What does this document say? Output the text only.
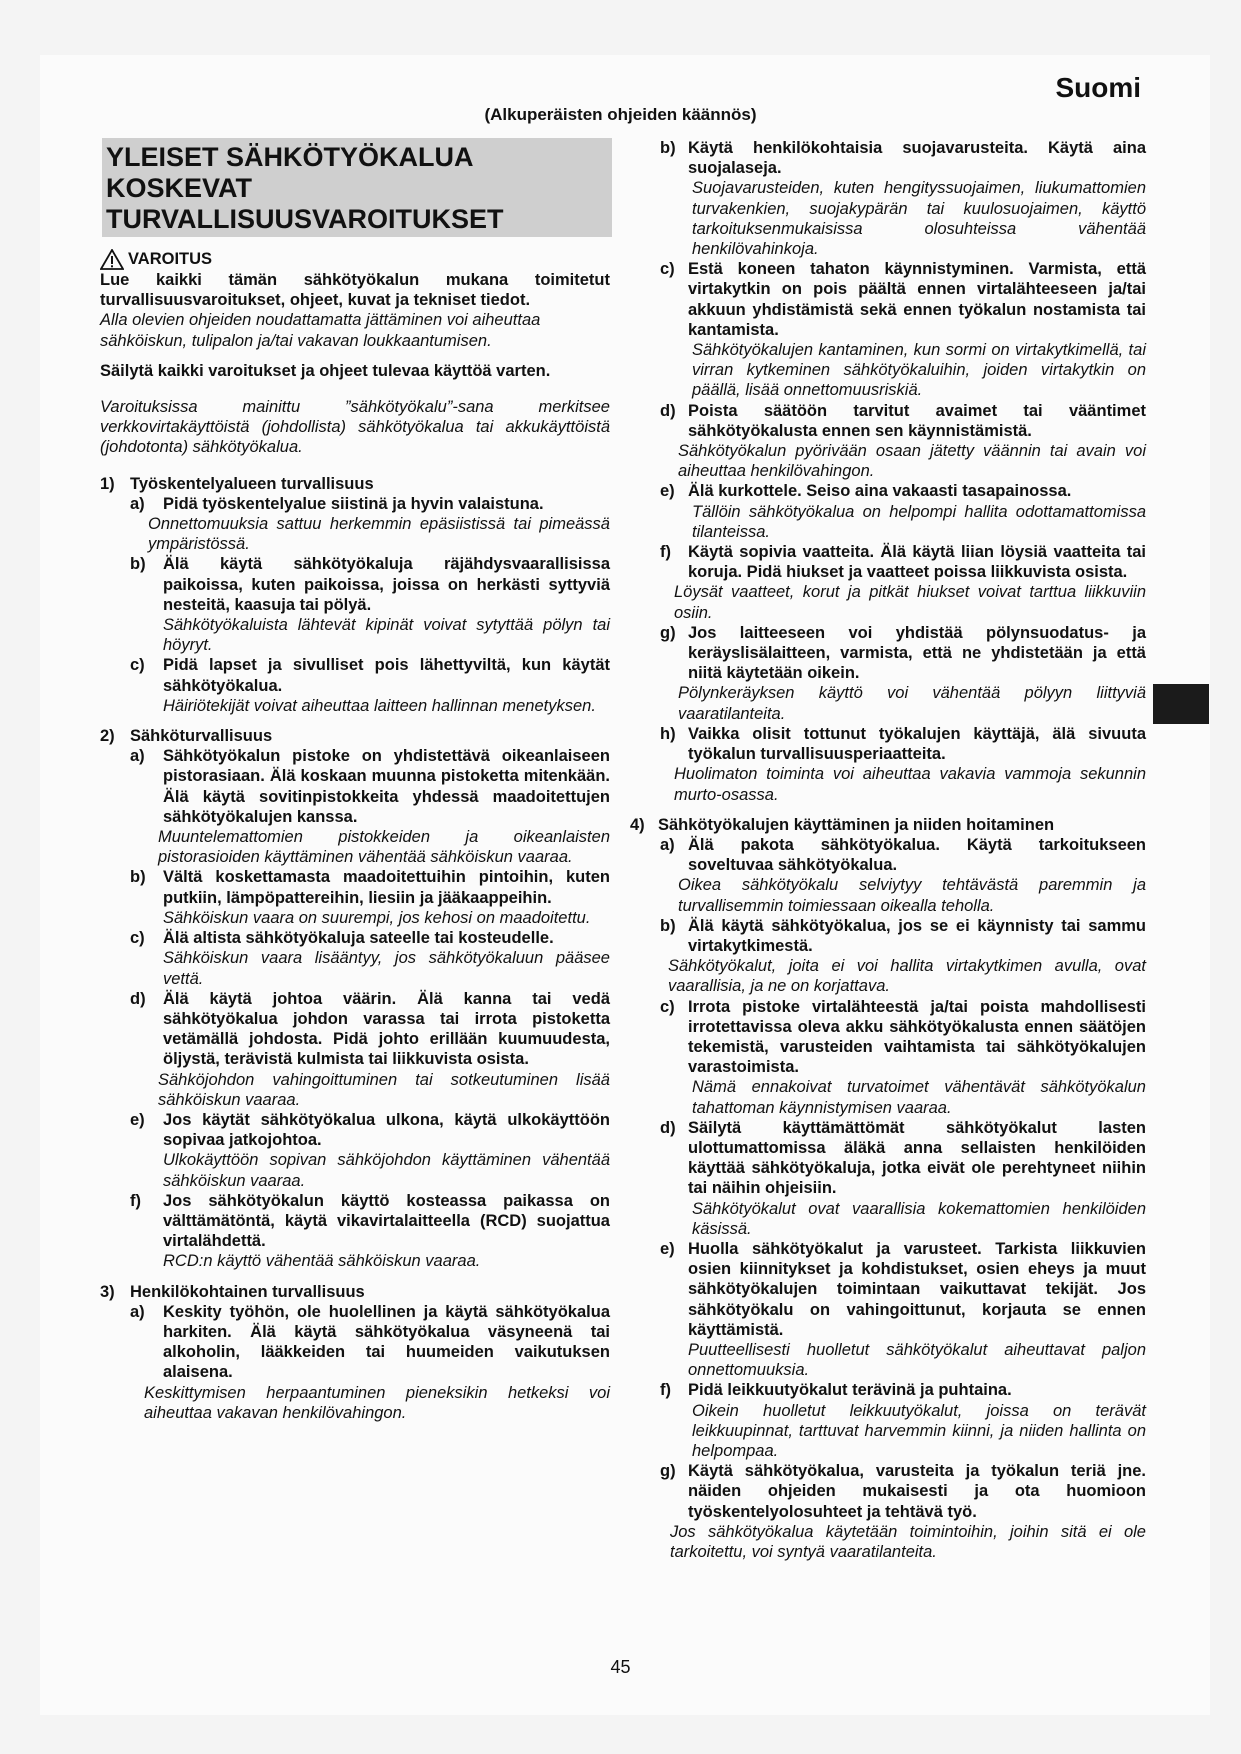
Suomi
(Alkuperäisten ohjeiden käännös)
YLEISET SÄHKÖTYÖKALUA KOSKEVAT TURVALLISUUSVAROITUKSET
VAROITUS
Lue kaikki tämän sähkötyökalun mukana toimitetut turvallisuusvaroitukset, ohjeet, kuvat ja tekniset tiedot.
Alla olevien ohjeiden noudattamatta jättäminen voi aiheuttaa sähköiskun, tulipalon ja/tai vakavan loukkaantumisen.
Säilytä kaikki varoitukset ja ohjeet tulevaa käyttöä varten.
Varoituksissa mainittu ”sähkötyökalu”-sana merkitsee verkkovirtakäyttöistä (johdollista) sähkötyökalua tai akkukäyttöistä (johdotonta) sähkötyökalua.
1) Työskentelyalueen turvallisuus
a)	Pidä työskentelyalue siistinä ja hyvin valaistuna.
Onnettomuuksia sattuu herkemmin epäsiistissä tai pimeässä ympäristössä.
b)	Älä käytä sähkötyökaluja räjähdysvaarallisissa paikoissa, kuten paikoissa, joissa on herkästi syttyviä nesteitä, kaasuja tai pölyä.
Sähkötyökaluista lähtevät kipinät voivat sytyttää pölyn tai höyryt.
c)	Pidä lapset ja sivulliset pois lähettyviltä, kun käytät sähkötyökalua.
Häiriötekijät voivat aiheuttaa laitteen hallinnan menetyksen.
2) Sähköturvallisuus
a)	Sähkötyökalun pistoke on yhdistettävä oikeanlaiseen pistorasiaan. Älä koskaan muunna pistoketta mitenkään. Älä käytä sovitinpistokkeita yhdessä maadoitettujen sähkötyökalujen kanssa.
Muuntelemattomien pistokkeiden ja oikeanlaisten pistorasioiden käyttäminen vähentää sähköiskun vaaraa.
b)	Vältä koskettamasta maadoitettuihin pintoihin, kuten putkiin, lämpöpattereihin, liesiin ja jääkaappeihin.
Sähköiskun vaara on suurempi, jos kehosi on maadoitettu.
c)	Älä altista sähkötyökaluja sateelle tai kosteudelle.
Sähköiskun vaara lisääntyy, jos sähkötyökaluun pääsee vettä.
d)	Älä käytä johtoa väärin. Älä kanna tai vedä sähkötyökalua johdon varassa tai irrota pistoketta vetämällä johdosta. Pidä johto erillään kuumuudesta, öljystä, terävistä kulmista tai liikkuvista osista.
Sähköjohdon vahingoittuminen tai sotkeutuminen lisää sähköiskun vaaraa.
e)	Jos käytät sähkötyökalua ulkona, käytä ulkokäyttöön sopivaa jatkojohtoa.
Ulkokäyttöön sopivan sähköjohdon käyttäminen vähentää sähköiskun vaaraa.
f)	Jos sähkötyökalun käyttö kosteassa paikassa on välttämätöntä, käytä vikavirtalaitteella (RCD) suojattua virtalähdettä.
RCD:n käyttö vähentää sähköiskun vaaraa.
3) Henkilökohtainen turvallisuus
a)	Keskity työhön, ole huolellinen ja käytä sähkötyökalua harkiten. Älä käytä sähkötyökalua väsyneenä tai alkoholin, lääkkeiden tai huumeiden vaikutuksen alaisena.
Keskittymisen herpaantuminen pieneksikin hetkeksi voi aiheuttaa vakavan henkilövahingon.
b) Käytä henkilökohtaisia suojavarusteita. Käytä aina suojalaseja.
Suojavarusteiden, kuten hengityssuojaimen, liukumattomien turvakenkien, suojakypärän tai kuulosuojaimen, käyttö tarkoituksenmukaisissa olosuhteissa vähentää henkilövahinkoja.
c) Estä koneen tahaton käynnistyminen. Varmista, että virtakytkin on pois päältä ennen virtalähteeseen ja/tai akkuun yhdistämistä sekä ennen työkalun nostamista tai kantamista.
Sähkötyökalujen kantaminen, kun sormi on virtakytkimellä, tai virran kytkeminen sähkötyökaluihin, joiden virtakytkin on päällä, lisää onnettomuusriskiä.
d) Poista säätöön tarvitut avaimet tai vääntimet sähkötyökalusta ennen sen käynnistämistä.
Sähkötyökalun pyörivään osaan jätetty väännin tai avain voi aiheuttaa henkilövahingon.
e) Älä kurkottele. Seiso aina vakaasti tasapainossa.
Tällöin sähkötyökalua on helpompi hallita odottamattomissa tilanteissa.
f)	Käytä sopivia vaatteita. Älä käytä liian löysiä vaatteita tai koruja. Pidä hiukset ja vaatteet poissa liikkuvista osista.
Löysät vaatteet, korut ja pitkät hiukset voivat tarttua liikkuviin osiin.
g) Jos laitteeseen voi yhdistää pölynsuodatus- ja keräyslisälaitteen, varmista, että ne yhdistetään ja että niitä käytetään oikein.
Pölynkeräyksen käyttö voi vähentää pölyyn liittyviä vaaratilanteita.
h) Vaikka olisit tottunut työkalujen käyttäjä, älä sivuuta työkalun turvallisuusperiaatteita.
Huolimaton toiminta voi aiheuttaa vakavia vammoja sekunnin murto-osassa.
4) Sähkötyökalujen käyttäminen ja niiden hoitaminen
a) Älä pakota sähkötyökalua. Käytä tarkoitukseen soveltuvaa sähkötyökalua.
Oikea sähkötyökalu selviytyy tehtävästä paremmin ja turvallisemmin toimiessaan oikealla teholla.
b) Älä käytä sähkötyökalua, jos se ei käynnisty tai sammu virtakytkimestä.
Sähkötyökalut, joita ei voi hallita virtakytkimen avulla, ovat vaarallisia, ja ne on korjattava.
c) Irrota pistoke virtalähteestä ja/tai poista mahdollisesti irrotettavissa oleva akku sähkötyökalusta ennen säätöjen tekemistä, varusteiden vaihtamista tai sähkötyökalujen varastoimista.
Nämä ennakoivat turvatoimet vähentävät sähkötyökalun tahattoman käynnistymisen vaaraa.
d) Säilytä käyttämättömät sähkötyökalut lasten ulottumattomissa äläkä anna sellaisten henkilöiden käyttää sähkötyökaluja, jotka eivät ole perehtyneet niihin tai näihin ohjeisiin.
Sähkötyökalut ovat vaarallisia kokemattomien henkilöiden käsissä.
e) Huolla sähkötyökalut ja varusteet. Tarkista liikkuvien osien kiinnitykset ja kohdistukset, osien eheys ja muut sähkötyökalujen toimintaan vaikuttavat tekijät. Jos sähkötyökalu on vahingoittunut, korjauta se ennen käyttämistä.
Puutteellisesti huolletut sähkötyökalut aiheuttavat paljon onnettomuuksia.
f)	Pidä leikkuutyökalut terävinä ja puhtaina.
Oikein huolletut leikkuutyökalut, joissa on terävät leikkuupinnat, tarttuvat harvemmin kiinni, ja niiden hallinta on helpompaa.
g) Käytä sähkötyökalua, varusteita ja työkalun teriä jne. näiden ohjeiden mukaisesti ja ota huomioon työskentelyolosuhteet ja tehtävä työ.
Jos sähkötyökalua käytetään toimintoihin, joihin sitä ei ole tarkoitettu, voi syntyä vaaratilanteita.
45
